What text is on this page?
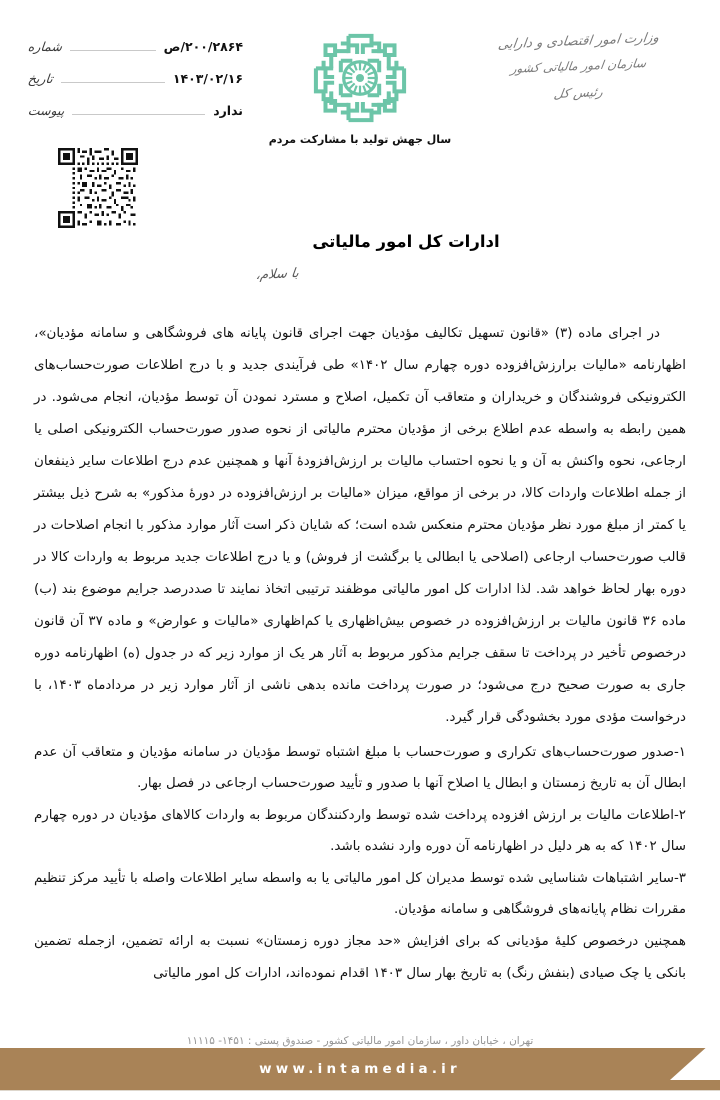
شماره	۲۰۰/۲۸۶۴/ص
تاریخ	۱۴۰۳/۰۲/۱۶
پیوست	ندارد
سال جهش تولید با مشارکت مردم
وزارت امور اقتصادی و دارایی
سازمان امور مالیاتی کشور
رئیس کل
ادارات کل امور مالیاتی
با سلام،

در اجرای ماده (۳) «قانون تسهیل تکالیف مؤدیان جهت اجرای قانون پایانه های فروشگاهی و سامانه مؤدیان»، اظهارنامه «مالیات برارزش‌افزوده دوره چهارم سال ۱۴۰۲» طی فرآیندی جدید و با درج اطلاعات صورت‌حساب‌های الکترونیکی فروشندگان و خریداران و متعاقب آن تکمیل، اصلاح و مسترد نمودن آن توسط مؤدیان، انجام می‌شود. در همین رابطه به واسطه عدم اطلاع برخی از مؤدیان محترم مالیاتی از نحوه صدور صورت‌حساب الکترونیکی اصلی یا ارجاعی، نحوه واکنش به آن و یا نحوه احتساب مالیات بر ارزش‌افزودۀ آنها و همچنین عدم درج اطلاعات سایر ذینفعان از جمله اطلاعات واردات کالا، در برخی از مواقع، میزان «مالیات بر ارزش‌افزوده در دورۀ مذکور» به شرح ذیل بیشتر یا کمتر از مبلغ مورد نظر مؤدیان محترم منعکس شده است؛ که شایان ذکر است آثار موارد مذکور با انجام اصلاحات در قالب صورت‌حساب ارجاعی (اصلاحی یا ابطالی یا برگشت از فروش) و یا درج اطلاعات جدید مربوط به واردات کالا در دوره بهار لحاظ خواهد شد. لذا ادارات کل امور مالیاتی موظفند ترتیبی اتخاذ نمایند تا صددرصد جرایم موضوع بند (ب) ماده ۳۶ قانون مالیات بر ارزش‌افزوده در خصوص بیش‌اظهاری یا کم‌اظهاری «مالیات و عوارض» و ماده ۳۷ آن قانون درخصوص تأخیر در پرداخت تا سقف جرایم مذکور مربوط به آثار هر یک از موارد زیر که در جدول (ه) اظهارنامه دوره جاری به صورت صحیح درج می‌شود؛ در صورت پرداخت مانده بدهی ناشی از آثار موارد زیر در مردادماه ۱۴۰۳، با درخواست مؤدی مورد بخشودگی قرار گیرد.

۱-صدور صورت‌حساب‌های تکراری و صورت‌حساب با مبلغ اشتباه توسط مؤدیان در سامانه مؤدیان و متعاقب آن عدم ابطال آن به تاریخ زمستان و ابطال یا اصلاح آنها با صدور و تأیید صورت‌حساب ارجاعی در فصل بهار.

۲-اطلاعات مالیات بر ارزش افزوده پرداخت شده توسط واردکنندگان مربوط به واردات کالاهای مؤدیان در دوره چهارم سال ۱۴۰۲ که به هر دلیل در اظهارنامه آن دوره وارد نشده باشد.

۳-سایر اشتباهات شناسایی شده توسط مدیران کل امور مالیاتی یا به واسطه سایر اطلاعات واصله با تأیید مرکز تنظیم مقررات نظام پایانه‌های فروشگاهی و سامانه مؤدیان.

همچنین درخصوص کلیۀ مؤدیانی که برای افزایش «حد مجاز دوره زمستان» نسبت به ارائه تضمین، ازجمله تضمین بانکی یا چک صیادی (بنفش رنگ) به تاریخ بهار سال ۱۴۰۳ اقدام نموده‌اند، ادارات کل امور مالیاتی

تهران ، خیابان داور ، سازمان امور مالیاتی کشور - صندوق پستی : ۱۴۵۱- ۱۱۱۱۵
www.intamedia.ir
